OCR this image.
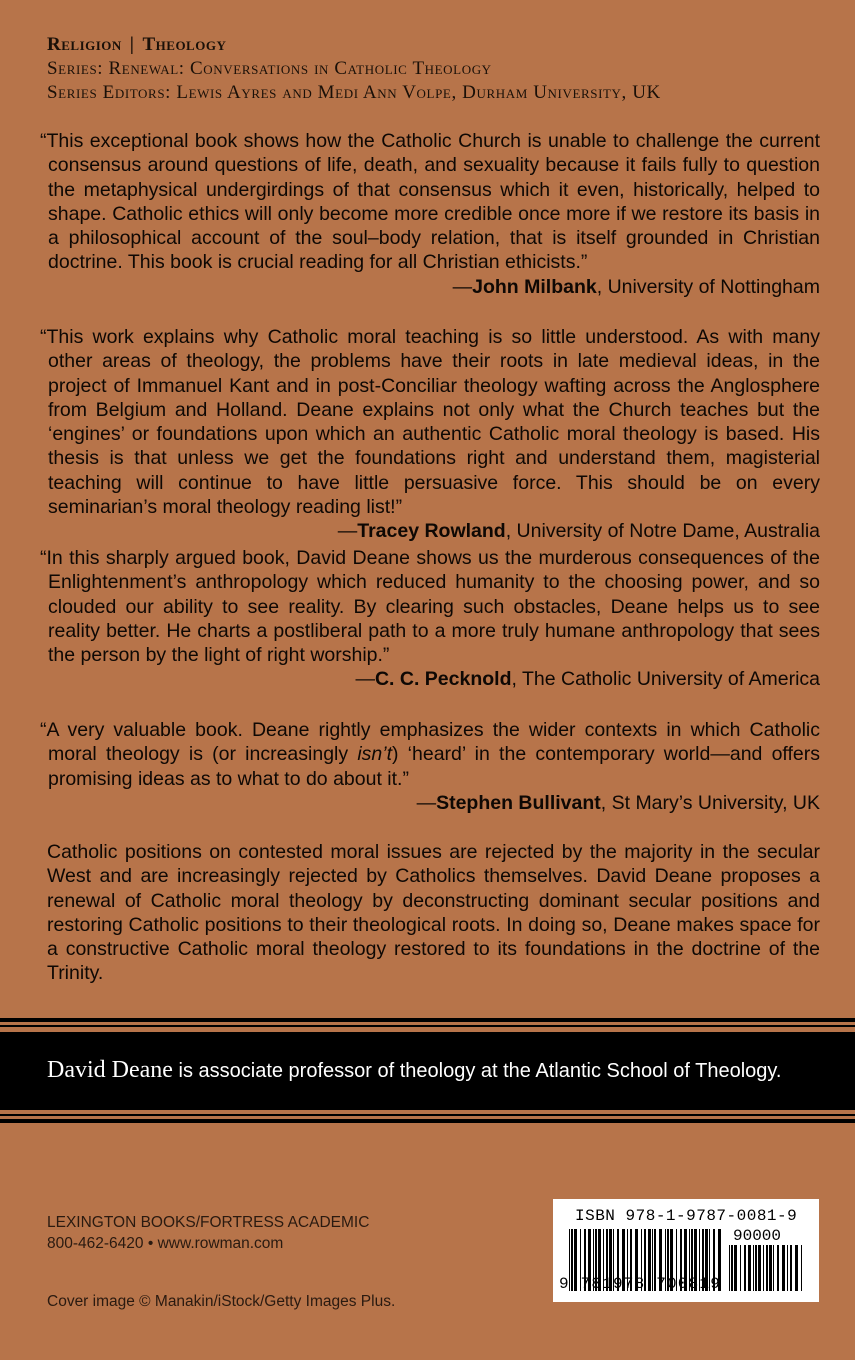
Religion | Theology
Series: Renewal: Conversations in Catholic Theology
Series Editors: Lewis Ayres and Medi Ann Volpe, Durham University, UK

“This exceptional book shows how the Catholic Church is unable to challenge the current consensus around questions of life, death, and sexuality because it fails fully to question the metaphysical undergirdings of that consensus which it even, historically, helped to shape. Catholic ethics will only become more credible once more if we restore its basis in a philosophical account of the soul–body relation, that is itself grounded in Christian doctrine. This book is crucial reading for all Christian ethicists.”

—John Milbank, University of Nottingham

“This work explains why Catholic moral teaching is so little understood. As with many other areas of theology, the problems have their roots in late medieval ideas, in the project of Immanuel Kant and in post-Conciliar theology wafting across the Anglosphere from Belgium and Holland. Deane explains not only what the Church teaches but the ‘engines’ or foundations upon which an authentic Catholic moral theology is based. His thesis is that unless we get the foundations right and understand them, magisterial teaching will continue to have little persuasive force. This should be on every seminarian’s moral theology reading list!”
—Tracey Rowland, University of Notre Dame, Australia

“In this sharply argued book, David Deane shows us the murderous consequences of the Enlightenment’s anthropology which reduced humanity to the choosing power, and so clouded our ability to see reality. By clearing such obstacles, Deane helps us to see reality better. He charts a postliberal path to a more truly humane anthropology that sees the person by the light of right worship.”

—C. C. Pecknold, The Catholic University of America

“A very valuable book. Deane rightly emphasizes the wider contexts in which Catholic moral theology is (or increasingly isn’t) ‘heard’ in the contemporary world—and offers promising ideas as to what to do about it.”

—Stephen Bullivant, St Mary’s University, UK
Catholic positions on contested moral issues are rejected by the majority in the secular West and are increasingly rejected by Catholics themselves. David Deane proposes a renewal of Catholic moral theology by deconstructing dominant secular positions and restoring Catholic positions to their theological roots. In doing so, Deane makes space for a constructive Catholic moral theology restored to its foundations in the doctrine of the Trinity.
David Deane is associate professor of theology at the Atlantic School of Theology.
LEXINGTON BOOKS/FORTRESS ACADEMIC
800-462-6420 • www.rowman.com
Cover image © Manakin/iStock/Getty Images Plus.
ISBN 978-1-9787-0081-9
90000
9 781978 700819
